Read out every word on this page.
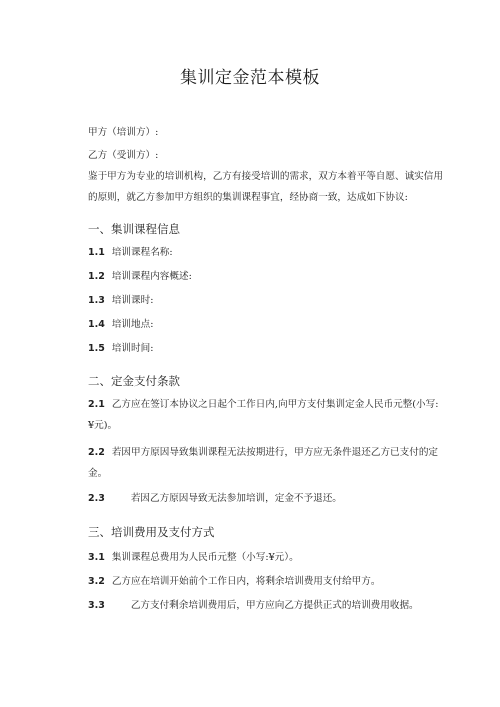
集训定金范本模板
甲方（培训方）:
乙方（受训方）:
鉴于甲方为专业的培训机构，乙方有接受培训的需求，双方本着平等自愿、诚实信用的原则，就乙方参加甲方组织的集训课程事宜，经协商一致，达成如下协议:
一、集训课程信息
1.1 培训课程名称:
1.2 培训课程内容概述:
1.3 培训课时:
1.4 培训地点:
1.5 培训时间:
二、定金支付条款
2.1 乙方应在签订本协议之日起个工作日内,向甲方支付集训定金人民币元整(小写:¥元)。
2.2 若因甲方原因导致集训课程无法按期进行，甲方应无条件退还乙方已支付的定金。
2.3	若因乙方原因导致无法参加培训，定金不予退还。
三、培训费用及支付方式
3.1 集训课程总费用为人民币元整（小写:¥元）。
3.2 乙方应在培训开始前个工作日内，将剩余培训费用支付给甲方。
3.3	乙方支付剩余培训费用后，甲方应向乙方提供正式的培训费用收据。
